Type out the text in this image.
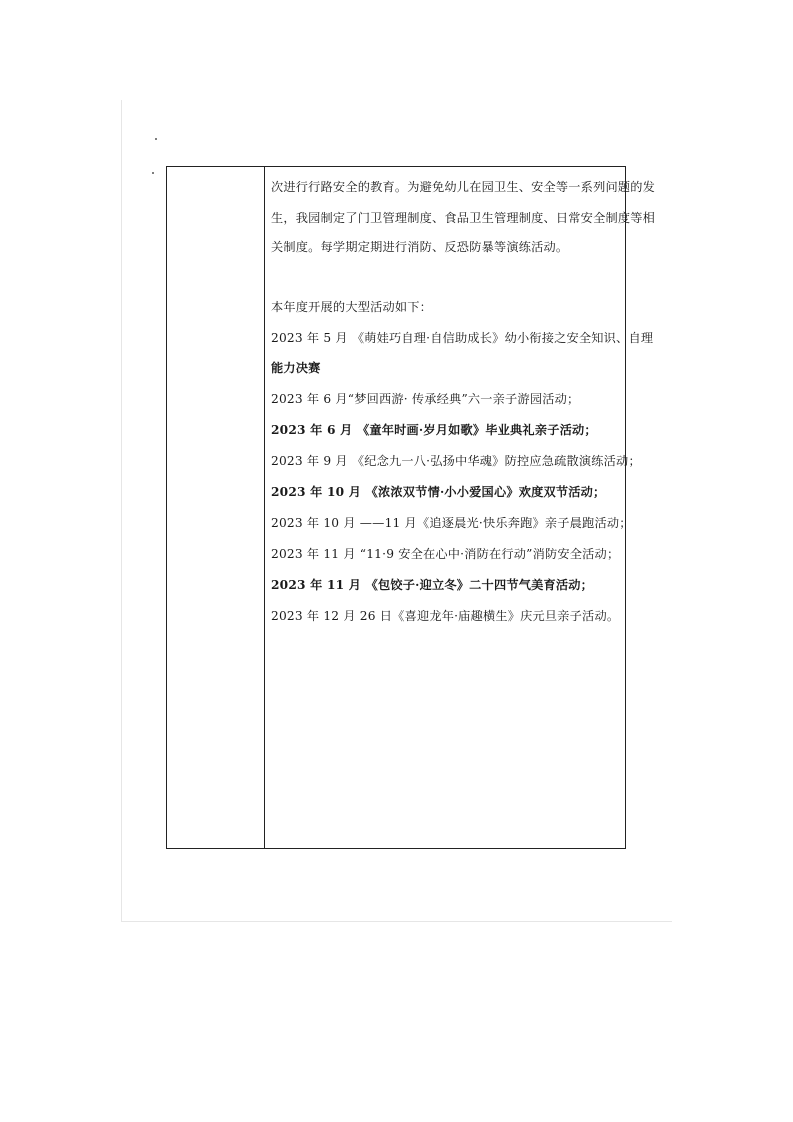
次进行行路安全的教育。为避免幼儿在园卫生、安全等一系列问题的发
生，我园制定了门卫管理制度、食品卫生管理制度、日常安全制度等相
关制度。每学期定期进行消防、反恐防暴等演练活动。
本年度开展的大型活动如下：
2023 年 5 月 《萌娃巧自理·自信助成长》幼小衔接之安全知识、自理
能力决赛
2023 年 6 月“梦回西游· 传承经典”六一亲子游园活动；
2023 年 6 月 《童年时画·岁月如歌》毕业典礼亲子活动；
2023 年 9 月 《纪念九一八·弘扬中华魂》防控应急疏散演练活动；
2023 年 10 月 《浓浓双节情·小小爱国心》欢度双节活动；
2023 年 10 月 ——11 月《追逐晨光·快乐奔跑》亲子晨跑活动；
2023 年 11 月 “11·9 安全在心中·消防在行动”消防安全活动；
2023 年 11 月 《包饺子·迎立冬》二十四节气美育活动；
2023 年 12 月 26 日《喜迎龙年·庙趣横生》庆元旦亲子活动。
